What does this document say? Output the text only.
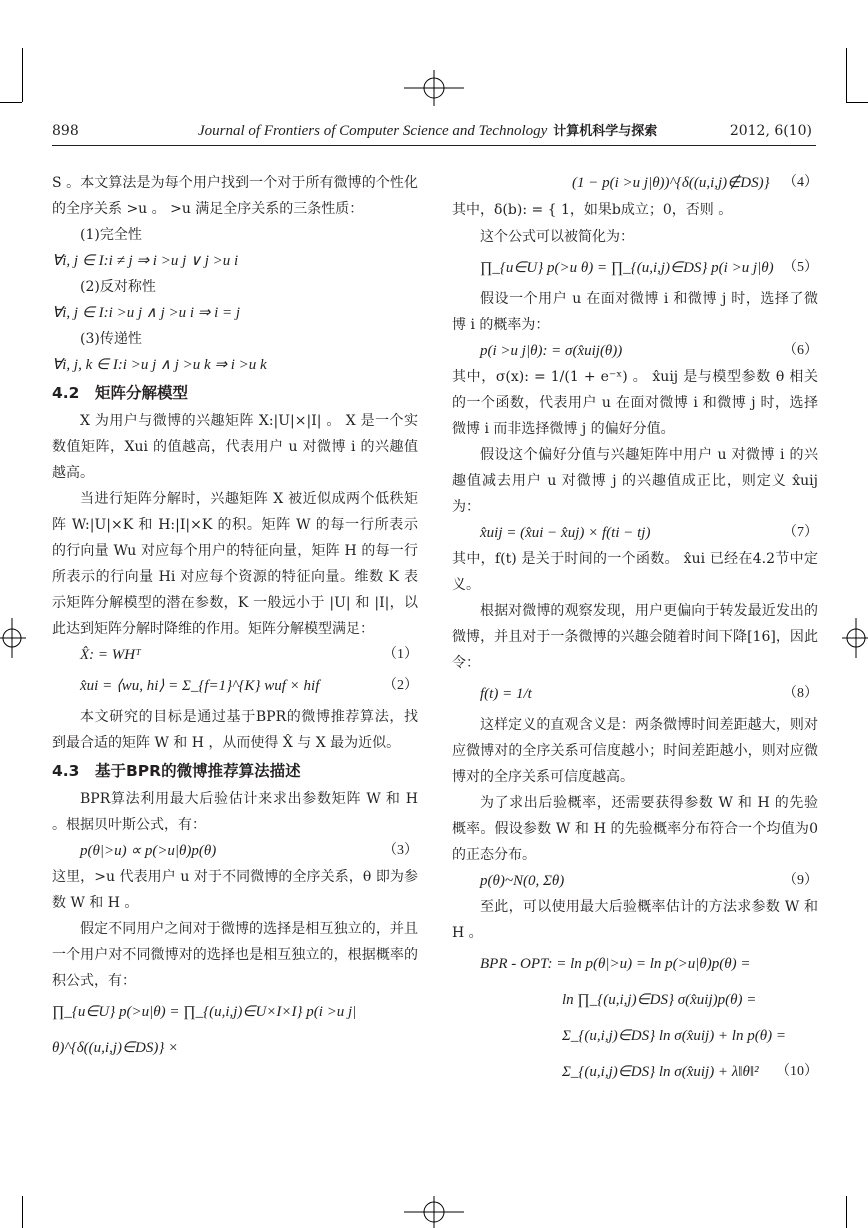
898	Journal of Frontiers of Computer Science and Technology 计算机科学与探索	2012, 6(10)

S 。本文算法是为每个用户找到一个对于所有微博的个性化的全序关系 >u 。 >u 满足全序关系的三条性质：

(1)完全性

∀i, j ∈ I:i ≠ j ⇒ i >u j ∨ j >u i

(2)反对称性

∀i, j ∈ I:i >u j ∧ j >u i ⇒ i = j

(3)传递性

∀i, j, k ∈ I:i >u j ∧ j >u k ⇒ i >u k

4.2　矩阵分解模型

X 为用户与微博的兴趣矩阵 X:|U|×|I| 。 X 是一个实数值矩阵，Xui 的值越高，代表用户 u 对微博 i 的兴趣值越高。

当进行矩阵分解时，兴趣矩阵 X 被近似成两个低秩矩阵 W:|U|×K 和 H:|I|×K 的积。矩阵 W 的每一行所表示的行向量 Wu 对应每个用户的特征向量，矩阵 H 的每一行所表示的行向量 Hi 对应每个资源的特征向量。维数 K 表示矩阵分解模型的潜在参数，K 一般远小于 |U| 和 |I|，以此达到矩阵分解时降维的作用。矩阵分解模型满足：

X̂: = WHᵀ	（1）

x̂ui = ⟨wu, hi⟩ = Σ_{f=1}^{K} wuf × hif	（2）

本文研究的目标是通过基于BPR的微博推荐算法，找到最合适的矩阵 W 和 H ，从而使得 X̂ 与 X 最为近似。

4.3　基于BPR的微博推荐算法描述

BPR算法利用最大后验估计来求出参数矩阵 W 和 H 。根据贝叶斯公式，有：

p(θ|>u) ∝ p(>u|θ)p(θ)	（3）

这里，>u 代表用户 u 对于不同微博的全序关系，θ 即为参数 W 和 H 。

假定不同用户之间对于微博的选择是相互独立的，并且一个用户对不同微博对的选择也是相互独立的，根据概率的积公式，有：

∏_{u∈U} p(>u|θ) = ∏_{(u,i,j)∈U×I×I} p(i >u j|θ)^{δ((u,i,j)∈DS)} ×

(1 − p(i >u j|θ))^{δ((u,i,j)∉DS)} （4）

其中，δ(b): = { 1，如果b成立；0，否则 。

这个公式可以被简化为：

∏_{u∈U} p(>u θ) = ∏_{(u,i,j)∈DS} p(i >u j|θ) （5）

假设一个用户 u 在面对微博 i 和微博 j 时，选择了微博 i 的概率为：

p(i >u j|θ): = σ(x̂uij(θ))	（6）

其中，σ(x): = 1/(1 + e⁻ˣ) 。 x̂uij 是与模型参数 θ 相关的一个函数，代表用户 u 在面对微博 i 和微博 j 时，选择微博 i 而非选择微博 j 的偏好分值。

假设这个偏好分值与兴趣矩阵中用户 u 对微博 i 的兴趣值减去用户 u 对微博 j 的兴趣值成正比，则定义 x̂uij 为：

x̂uij = (x̂ui − x̂uj) × f(ti − tj)	（7）

其中，f(t) 是关于时间的一个函数。 x̂ui 已经在4.2节中定义。

根据对微博的观察发现，用户更偏向于转发最近发出的微博，并且对于一条微博的兴趣会随着时间下降[16]，因此令：

f(t) = 1/t	（8）

这样定义的直观含义是：两条微博时间差距越大，则对应微博对的全序关系可信度越小；时间差距越小，则对应微博对的全序关系可信度越高。

为了求出后验概率，还需要获得参数 W 和 H 的先验概率。假设参数 W 和 H 的先验概率分布符合一个均值为0的正态分布。

p(θ)~N(0, Σθ)	（9）

至此，可以使用最大后验概率估计的方法求参数 W 和 H 。

BPR - OPT: = ln p(θ|>u) = ln p(>u|θ)p(θ) =

ln ∏_{(u,i,j)∈DS} σ(x̂uij)p(θ) =

Σ_{(u,i,j)∈DS} ln σ(x̂uij) + ln p(θ) =

Σ_{(u,i,j)∈DS} ln σ(x̂uij) + λ‖θ‖² （10）
